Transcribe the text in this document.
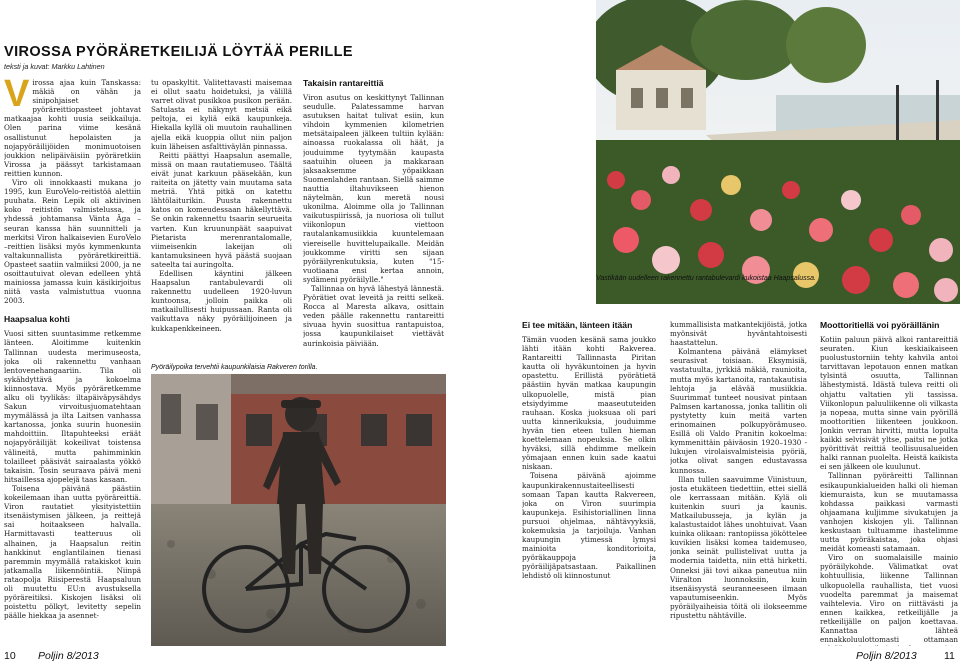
VIROSSA PYÖRÄRETKEILIJÄ LÖYTÄÄ PERILLE
teksti ja kuvat: Markku Lahtinen

V irossa ajaa kuin Tanskassa: mäkiä on vähän ja sinipohjaiset pyöräreittiopasteet johtavat matkaajaa kohti uusia seikkailuja. Olen parina viime kesänä osallistunut hepolaisten ja nojapyöräilijöiden monimuotoisen joukkion nelipäiväisiin pyöräretkiin Virossa ja päässyt tarkistamaan reittien kunnon.

Viro oli innokkaasti mukana jo 1995, kun EuroVelo-reitistöä alettiin puuhata. Rein Lepik oli aktiivinen koko reitistön valmistelussa, ja yhdessä johtamansa Vänta Äga –seuran kanssa hän suunnitteli ja merkitsi Viron halkaisevien EuroVelo –reittien lisäksi myös kymmenkunta valtakunnallista pyöräretkireittiä. Opasteet saatiin valmiiksi 2000, ja ne osoittautuivat olevan edelleen yhtä mainiossa jamassa kuin käsikirjoitus niitä vasta valmistuttua vuonna 2003.

Haapsalua kohti

Vuosi sitten suuntasimme retkemme länteen. Aloitimme kuitenkin Tallinnan uudesta merimuseosta, joka oli rakennettu vanhaan lentovenehangaariin. Tila oli sykähdyttävä ja kokoelma kiinnostava. Myös pyöräretkemme alku oli tyylikäs: iltapäiväpysähdys Sakun virvoitusjuomatehtaan myymälässä ja ilta Laitsen vanhassa kartanossa, jonka suurin huonesiin mahdoittiin. Iltapuhteeksi eräät nojapyöräilijät kokeilivat toistensa välineitä, mutta pahimminkin tolailleet pääsivät sairaalasta yökkö takaisin. Tosin seuraava päivä meni hitsaillessa ajopelejä taas kasaan.

Toisena päivänä päästiin kokeilemaan ihan uutta pyöräreittiä. Viron rautatiet yksityistettiin itsenäistymisen jälkeen, ja reittejä sai hoitaakseen halvalla. Harmittavasti teatteruus oli alhainen, ja Haapsalun reitin hankkinut englantilainen tienasi paremmin myymällä ratakiskot kuin jatkamalla liikennöintiä. Niinpä rataopolja Riisiperestä Haapsaluun oli muutettu EU:n avustuksella pyöräreitiksi. Kiskojen lisäksi oli poistettu pölkyt, levitetty sepelin päälle hiekkaa ja asennet-

tu opaskyltit. Valitettavasti maisemaa ei ollut saatu hoidetuksi, ja välillä varret olivat pusikkoa pusikon perään. Satulasta ei näkynyt metsiä eikä peltoja, ei kyliä eikä kaupunkeja. Hiekalla kyllä oli muutoin rauhallinen ajella eikä kuoppia ollut niin paljon kuin läheisen asfalttiväylän pinnassa.

Reitti päättyi Haapsalun asemalle, missä on maan rautatiemuseo. Täältä eivät junat karkuun pääsekään, kun raiteita on jätetty vain muutama sata metriä. Yhtä pitkä on katettu lähtölaiturikin. Puusta rakennettu katos on komeudessaan häkellyttävä. Se onkin rakennettu tsaarin seurueita varten. Kun kruununpäät saapuivat Pietarista merenrantalomalle, viimeisenkin lakeijan oli kantamuksineen hyvä päästä suojaan sateelta tai auringolta.

Edellisen käyntini jälkeen Haapsalun rantabulevardi oli rakennettu uudelleen 1920-luvun kuntoonsa, jolloin paikka oli matkailullisesti huipussaan. Ranta oli vaikuttava näky pyöräilijoineen ja kukkapenkkeineen.

Pyöräilypoika tervehtii kaupunkilaisia Rakveren torilla.
Takaisin rantareittiä

Viron asutus on keskittynyt Tallinnan seudulle. Palatessamme harvan asutuksen haitat tulivat esiin, kun vihdoin kymmenien kilometrien metsätaipaleen jälkeen tultiin kylään: ainoassa ruokalassa oli häät, ja jouduimme tyytymään kaupasta saatuihin olueen ja makkaraan jaksaaksemme yöpaikkaan Suomenlahden rantaan. Siellä saimme nauttia iltahuvikseen hienon näytelmän, kun meretä nousi ukonilma. Aloimme olla jo Tallinnan vaikutuspiirissä, ja nuoriosa oli tullut viikonlopun viettoon rautalankamusiikkia kuuntelemaan viereiselle huvittelupaikalle. Meidän joukkomme viritti sen sijaan pyöräilyrenkutuksia, kuten "15-vuotiaana ensi kertaa annoin, sydämeni pyöräilylle."

Tallinnaa on hyvä lähestyä lännestä. Pyörätiet ovat leveitä ja reitti selkeä. Rocca al Maresta alkava, osittain veden päälle rakennettu rantareitti sivuaa hyvin suosittua rantapuistoa, jossa kaupunkilaiset viettävät aurinkoisia päiviään.

Vastikään uudelleen rakennettu rantabulevardi kukoistaa Haapsalussa.
Ei tee mitään, länteen itään

Tämän vuoden kesänä sama joukko lähti itään kohti Rakverea. Rantareitti Tallinnasta Piritan kautta oli hyväkuntoinen ja hyvin opastettu. Erillistä pyörätietä päästiin hyvän matkaa kaupungin ulkopuolelle, mistä pian etsiydyimme maaseututeiden rauhaan. Koska juoksuaa oli pari uutta kinnerikuksia, jouduimme hyvän tien eteen tullen hieman koettelemaan nopeuksia. Se olkin hyväksi, sillä ehdimme melkein yömajaan ennen kuin sade kaatui niskaan.

Toisena päivänä ajoimme kaupunkirakennustaiteellisesti somaan Tapan kautta Rakvereen, joka on Viron suurimpia kaupunkeja. Esihistoriallinen linna pursuoi ohjelmaa, nähtävyyksiä, kokemuksia ja tarjoiluja. Vanhan kaupungin ytimessä lymysi mainioita konditorioita, pyöräkauppoja ja pyöräilijäpatsastaan. Paikallinen lehdistö oli kiinnostunut

kummallisista matkantekijöistä, jotka myönsivät hyväntahtoisesti haastattelun.

Kolmantena päivänä elämykset seurasivat toisiaan. Eksymisiä, vastatuulta, jyrkkiä mäkiä, raunioita, mutta myös kartanoita, rantakautisia lehtoja ja elävää musiikkia. Suurimmat tunteet nousivat pintaan Palmsen kartanossa, jonka tallitin oli pystytetty kuin meitä varten erinomainen polkupyörämuseo. Esillä oli Valdo Pranitin kokoelma: kymmenittäin päiväosin 1920–1930 -lukujen virolaisvalmisteisia pyöriä, jotka olivat sangen edustavassa kunnossa.

Illan tullen saavuimme Viinistuun, josta etukäteen tiedettiin, ettei siellä ole kerrassaan mitään. Kylä oli kuitenkin suuri ja kaunis. Matkailubusseja, ja kylän ja kalastustaidot lähes unohtuivat. Vaan kuinka olikaan: rantopiissa jököttelee kuvikien lisäksi komea taidemuseo, jonka seinät pullistelivat uutta ja modernia taidetta, niin että hirketti. Onneksi jäi tovi aikaa paneutua niin Viiralton luonnoksiin, kuin itsenäisyystä seuranneeseen ilmaan vapautumiseenkin. Myös pyöräilyaiheisia töitä oli ilokseemme ripustettu nähtäville.

Moottoritiellä voi pyöräillänin

Kotiin paluun päivä alkoi rantareittiä seuraten. Kiun keskiaikaiseen puolustustorniin tehty kahvila antoi tarvittavan lepotauon ennen matkan tylsintä osuutta, Tallinnan lähestymistä. Idästä tuleva reitti oli ohjattu valtatien yli tassissa. Viikonlopun paluuliikenne oli vilkasta ja nopeaa, mutta sinne vain pyörillä moottoritien liikenteen joukkoon. Jonkin verran hirvitti, mutta lopulta kaikki selvisivät yltse, paitsi ne jotka pyörittivät reittiä teollisuusalueiden halki rannan puolelta. Heistä kaikista ei sen jälkeen ole kuulunut.

Tallinnan pyöräreitti Tallinnan esikaupunkialueiden halki oli hieman kiemuraista, kun se muutamassa kohdassa paikkasi varmasti ohjaamana kuljimme sivukatujen ja vanhojen kiskojen yli. Tallinnan keskustaan tultuamme ihastelimme uutta pyöräkaistaa, joka ohjasi meidät komeasti satamaan.

Viro on suomalaisille mainio pyöräilykohde. Välimatkat ovat kohtuullisia, liikenne Tallinnan ulkopuolella rauhallista, tiet vuosi vuodelta paremmat ja maisemat vaihtelevia. Viro on riittävästi ja ennen kaikkea, retkeilijälle ja retkeilijälle on paljon koettavaa. Kannattaa lähteä ennakkoluulottomasti ottamaan

10 Poljin 8/2013	Poljin 8/2013	11
